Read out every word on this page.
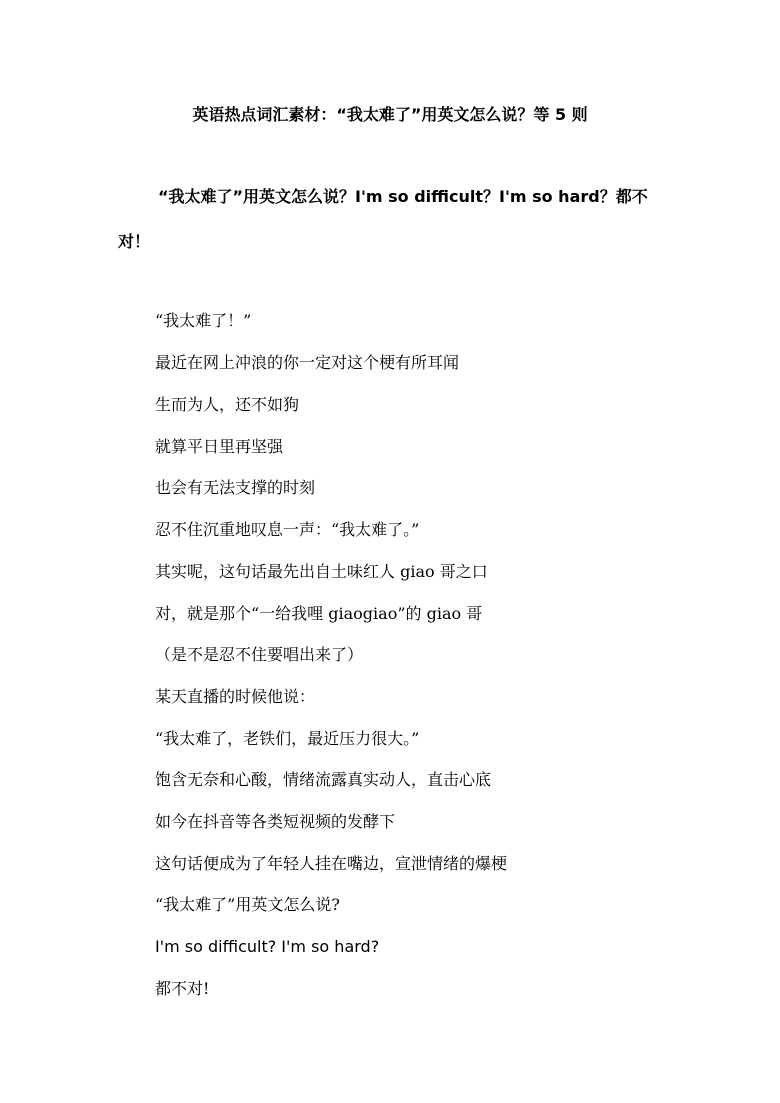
英语热点词汇素材：“我太难了”用英文怎么说？等 5 则
“我太难了”用英文怎么说？I'm so difficult？I'm so hard？都不
对！
“我太难了！”
最近在网上冲浪的你一定对这个梗有所耳闻
生而为人，还不如狗
就算平日里再坚强
也会有无法支撑的时刻
忍不住沉重地叹息一声：“我太难了。”
其实呢，这句话最先出自土味红人 giao 哥之口
对，就是那个“一给我哩 giaogiao”的 giao 哥
（是不是忍不住要唱出来了）
某天直播的时候他说：
“我太难了，老铁们，最近压力很大。”
饱含无奈和心酸，情绪流露真实动人，直击心底
如今在抖音等各类短视频的发酵下
这句话便成为了年轻人挂在嘴边，宣泄情绪的爆梗
“我太难了”用英文怎么说?
I'm so difficult? I'm so hard?
都不对!
